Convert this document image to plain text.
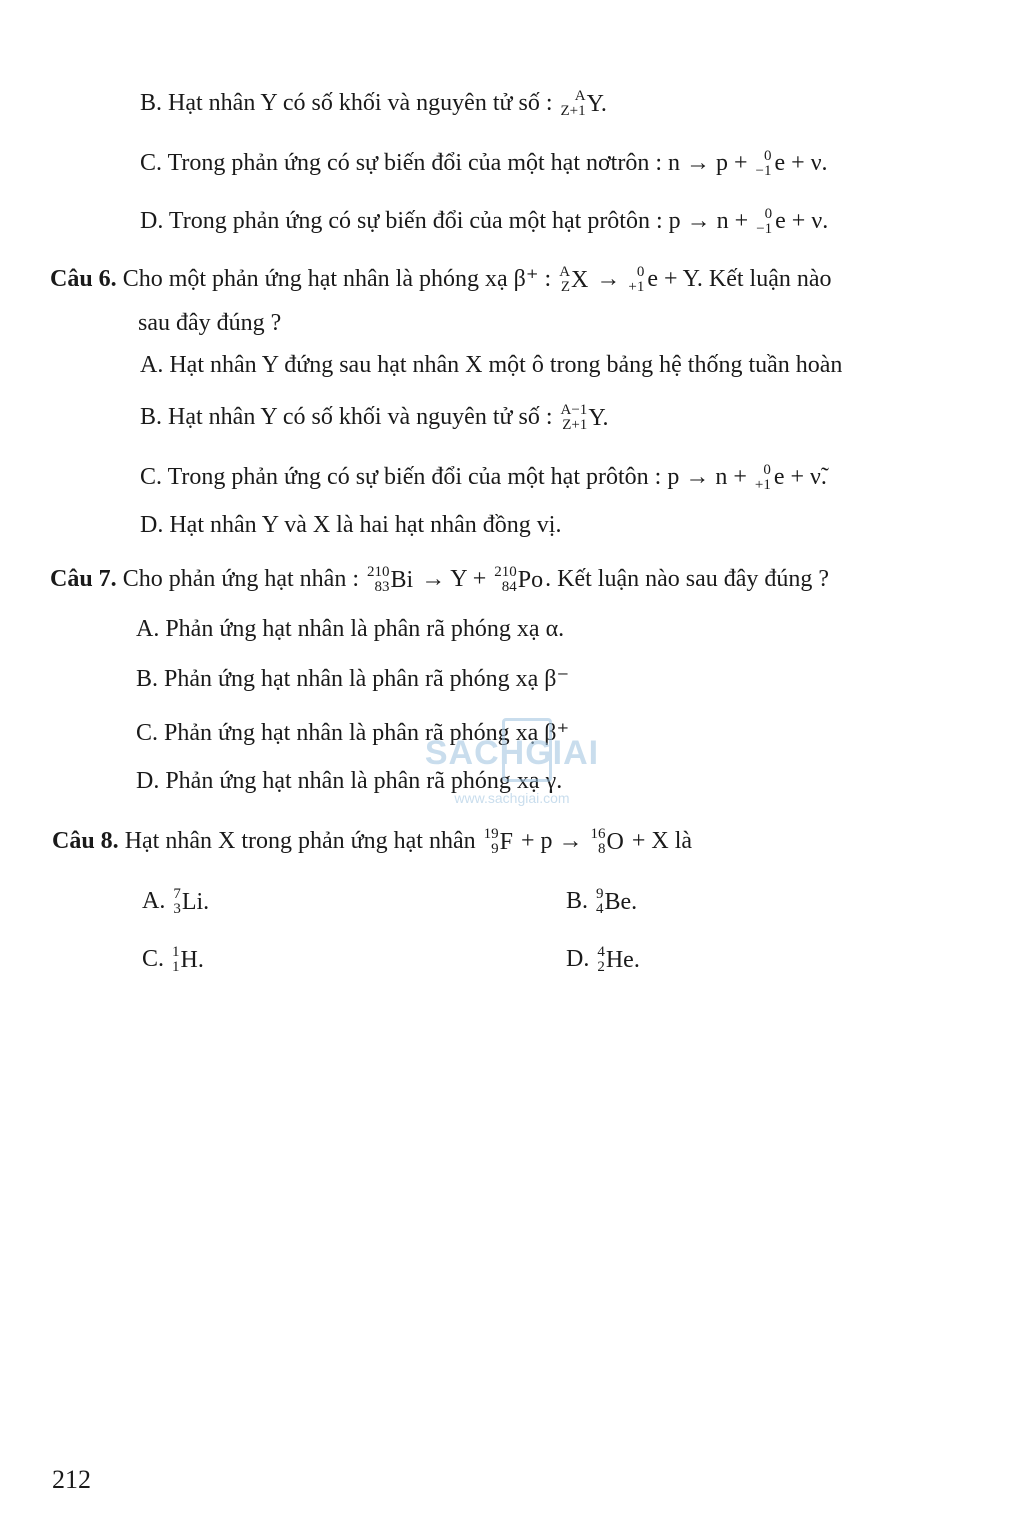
B. Hạt nhân Y có số khối và nguyên tử số : A
Z+1 Y.
C. Trong phản ứng có sự biến đổi của một hạt nơtrôn : n → p + 0
−1 e + ν.
D. Trong phản ứng có sự biến đổi của một hạt prôtôn : p → n + 0
−1 e + ν.
Câu 6. Cho một phản ứng hạt nhân là phóng xạ β⁺ : A
Z X → 0
+1 e + Y. Kết luận nào
sau đây đúng ?
A. Hạt nhân Y đứng sau hạt nhân X một ô trong bảng hệ thống tuần hoàn
B. Hạt nhân Y có số khối và nguyên tử số : A−1
Z+1 Y.
C. Trong phản ứng có sự biến đổi của một hạt prôtôn : p → n + 0
+1 e + ν̃.
D. Hạt nhân Y và X là hai hạt nhân đồng vị.
Câu 7. Cho phản ứng hạt nhân : 210
83 Bi → Y + 210
84 Po . Kết luận nào sau đây đúng ?
A. Phản ứng hạt nhân là phân rã phóng xạ α.
B. Phản ứng hạt nhân là phân rã phóng xạ β⁻
C. Phản ứng hạt nhân là phân rã phóng xạ β⁺
D. Phản ứng hạt nhân là phân rã phóng xạ γ.
SACHGIAI
www.sachgiai.com
Câu 8. Hạt nhân X trong phản ứng hạt nhân 19
9 F + p → 16
8 O + X là
A. 7
3 Li.	B. 9
4 Be.
C. 1
1 H.	D. 4
2 He.
212
